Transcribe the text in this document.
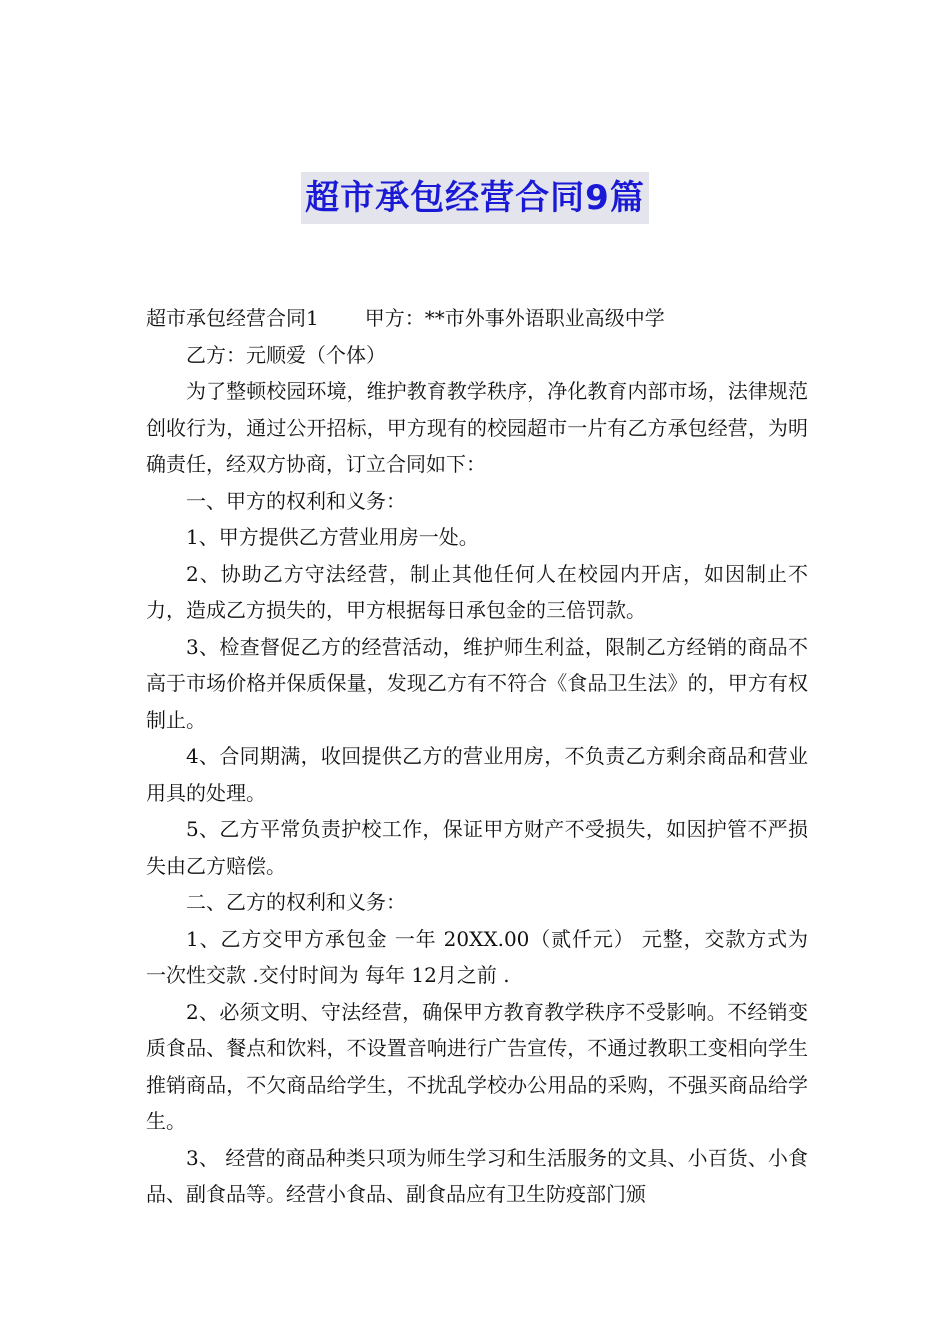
超市承包经营合同9篇

超市承包经营合同1 甲方：**市外事外语职业高级中学

乙方：元顺爱（个体）

为了整顿校园环境，维护教育教学秩序，净化教育内部市场，法律规范创收行为，通过公开招标，甲方现有的校园超市一片有乙方承包经营，为明确责任，经双方协商，订立合同如下：

一、甲方的权利和义务：

1、甲方提供乙方营业用房一处。

2、协助乙方守法经营，制止其他任何人在校园内开店，如因制止不力，造成乙方损失的，甲方根据每日承包金的三倍罚款。

3、检查督促乙方的经营活动，维护师生利益，限制乙方经销的商品不高于市场价格并保质保量，发现乙方有不符合《食品卫生法》的，甲方有权制止。

4、合同期满，收回提供乙方的营业用房，不负责乙方剩余商品和营业用具的处理。

5、乙方平常负责护校工作，保证甲方财产不受损失，如因护管不严损失由乙方赔偿。

二、乙方的权利和义务：

1、乙方交甲方承包金 一年 20XX.00（贰仟元） 元整，交款方式为 一次性交款 .交付时间为 每年 12月之前 .

2、必须文明、守法经营，确保甲方教育教学秩序不受影响。不经销变质食品、餐点和饮料，不设置音响进行广告宣传，不通过教职工变相向学生推销商品，不欠商品给学生，不扰乱学校办公用品的采购，不强买商品给学生。

3、 经营的商品种类只项为师生学习和生活服务的文具、小百货、小食品、副食品等。经营小食品、副食品应有卫生防疫部门颁
